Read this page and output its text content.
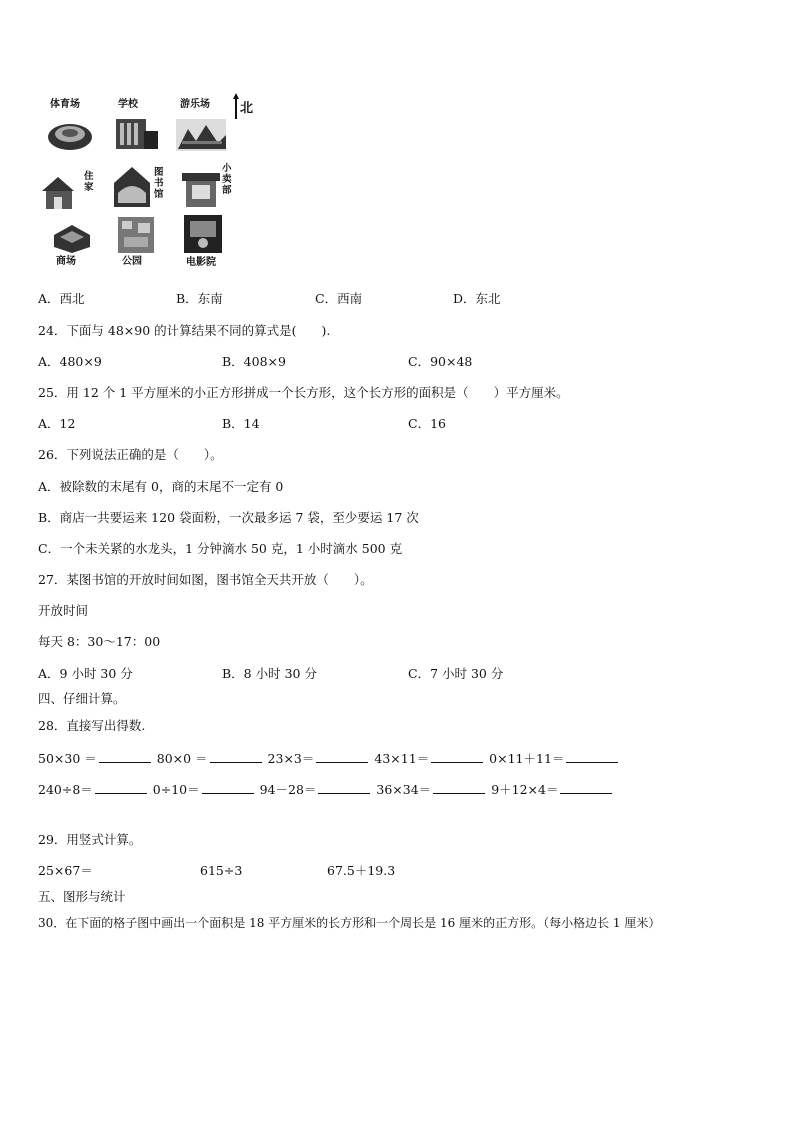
体育场	学校	游乐场 北
住家
图书馆
小卖部
商场	公园	电影院
A．西北	B．东南	C．西南	D．东北
24．下面与 48×90 的计算结果不同的算式是(　　).
A．480×9	B．408×9	C．90×48
25．用 12 个 1 平方厘米的小正方形拼成一个长方形，这个长方形的面积是（　　）平方厘米。
A．12	B．14	C．16
26．下列说法正确的是（　　）。
A．被除数的末尾有 0，商的末尾不一定有 0
B．商店一共要运来 120 袋面粉，一次最多运 7 袋，至少要运 17 次
C．一个未关紧的水龙头，1 分钟滴水 50 克，1 小时滴水 500 克
27．某图书馆的开放时间如图，图书馆全天共开放（　　）。
开放时间
每天 8：30～17：00
A．9 小时 30 分	B．8 小时 30 分	C．7 小时 30 分
四、仔细计算。
28．直接写出得数.
50×30 ＝	80×0 ＝	23×3＝	43×11＝	0×11＋11＝
240÷8＝	0÷10＝	94－28＝	36×34＝	9＋12×4＝
29．用竖式计算。
25×67＝	615÷3	67.5＋19.3
五、图形与统计
30．在下面的格子图中画出一个面积是 18 平方厘米的长方形和一个周长是 16 厘米的正方形。（每小格边长 1 厘米）
